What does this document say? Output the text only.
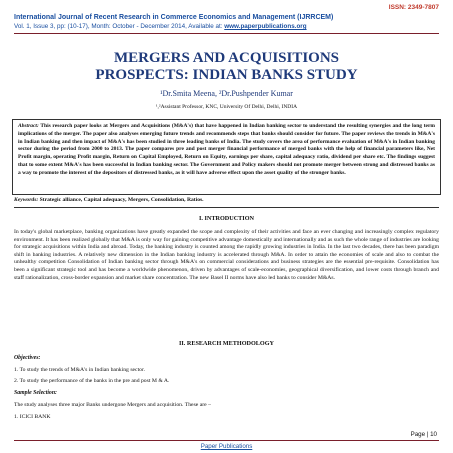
ISSN: 2349-7807
International Journal of Recent Research in Commerce Economics and Management (IJRRCEM)
Vol. 1, Issue 3, pp: (10-17), Month: October - December 2014, Available at: www.paperpublications.org
MERGERS AND ACQUISITIONS
PROSPECTS: INDIAN BANKS STUDY
¹Dr.Smita Meena, ²Dr.Pushpender Kumar
¹,²Assistant Professor, KNC, University Of Delhi, Delhi, INDIA

Abstract: This research paper looks at Mergers and Acquisitions (M&A's) that have happened in Indian banking sector to understand the resulting synergies and the long term implications of the merger. The paper also analyses emerging future trends and recommends steps that banks should consider for future. The paper reviews the trends in M&A's in Indian banking and then impact of M&A's has been studied in three leading banks of India. The study covers the area of performance evaluation of M&A's in Indian banking sector during the period from 2000 to 2013. The paper compares pre and post merger financial performance of merged banks with the help of financial parameters like, Net Profit margin, operating Profit margin, Return on Capital Employed, Return on Equity, earnings per share, capital adequacy ratio, dividend per share etc. The findings suggest that to some extent M&A's has been successful in Indian banking sector. The Government and Policy makers should not promote merger between strong and distressed banks as a way to promote the interest of the depositors of distressed banks, as it will have adverse effect upon the asset quality of the stronger banks.

Keywords: Strategic alliance, Capital adequacy, Mergers, Consolidation, Ratios.
I. INTRODUCTION

In today's global marketplace, banking organizations have greatly expanded the scope and complexity of their activities and face an ever changing and increasingly complex regulatory environment. It has been realized globally that M&A is only way for gaining competitive advantage domestically and internationally and as such the whole range of industries are looking for strategic acquisitions within India and abroad. Today, the banking industry is counted among the rapidly growing industries in India. In the last two decades, there has been paradigm shift in banking industries. A relatively new dimension in the Indian banking industry is accelerated through M&A. In order to attain the economies of scale and also to combat the unhealthy competition Consolidation of Indian banking sector through M&A's on commercial considerations and business strategies are the essential pre-requisite. Consolidation has been a significant strategic tool and has become a worldwide phenomenon, driven by advantages of scale-economies, geographical diversification, and lower costs through branch and staff rationalization, cross-border expansion and market share concentration. The new Basel II norms have also led banks to consider M&As.

II. RESEARCH METHODOLOGY
Objectives:
1. To study the trends of M&A's in Indian banking sector.
2. To study the performance of the banks in the pre and post M & A.
Sample Selection:
The study analyses three major Banks undergone Mergers and acquisition. These are –
1. ICICI BANK
Page | 10
Paper Publications
